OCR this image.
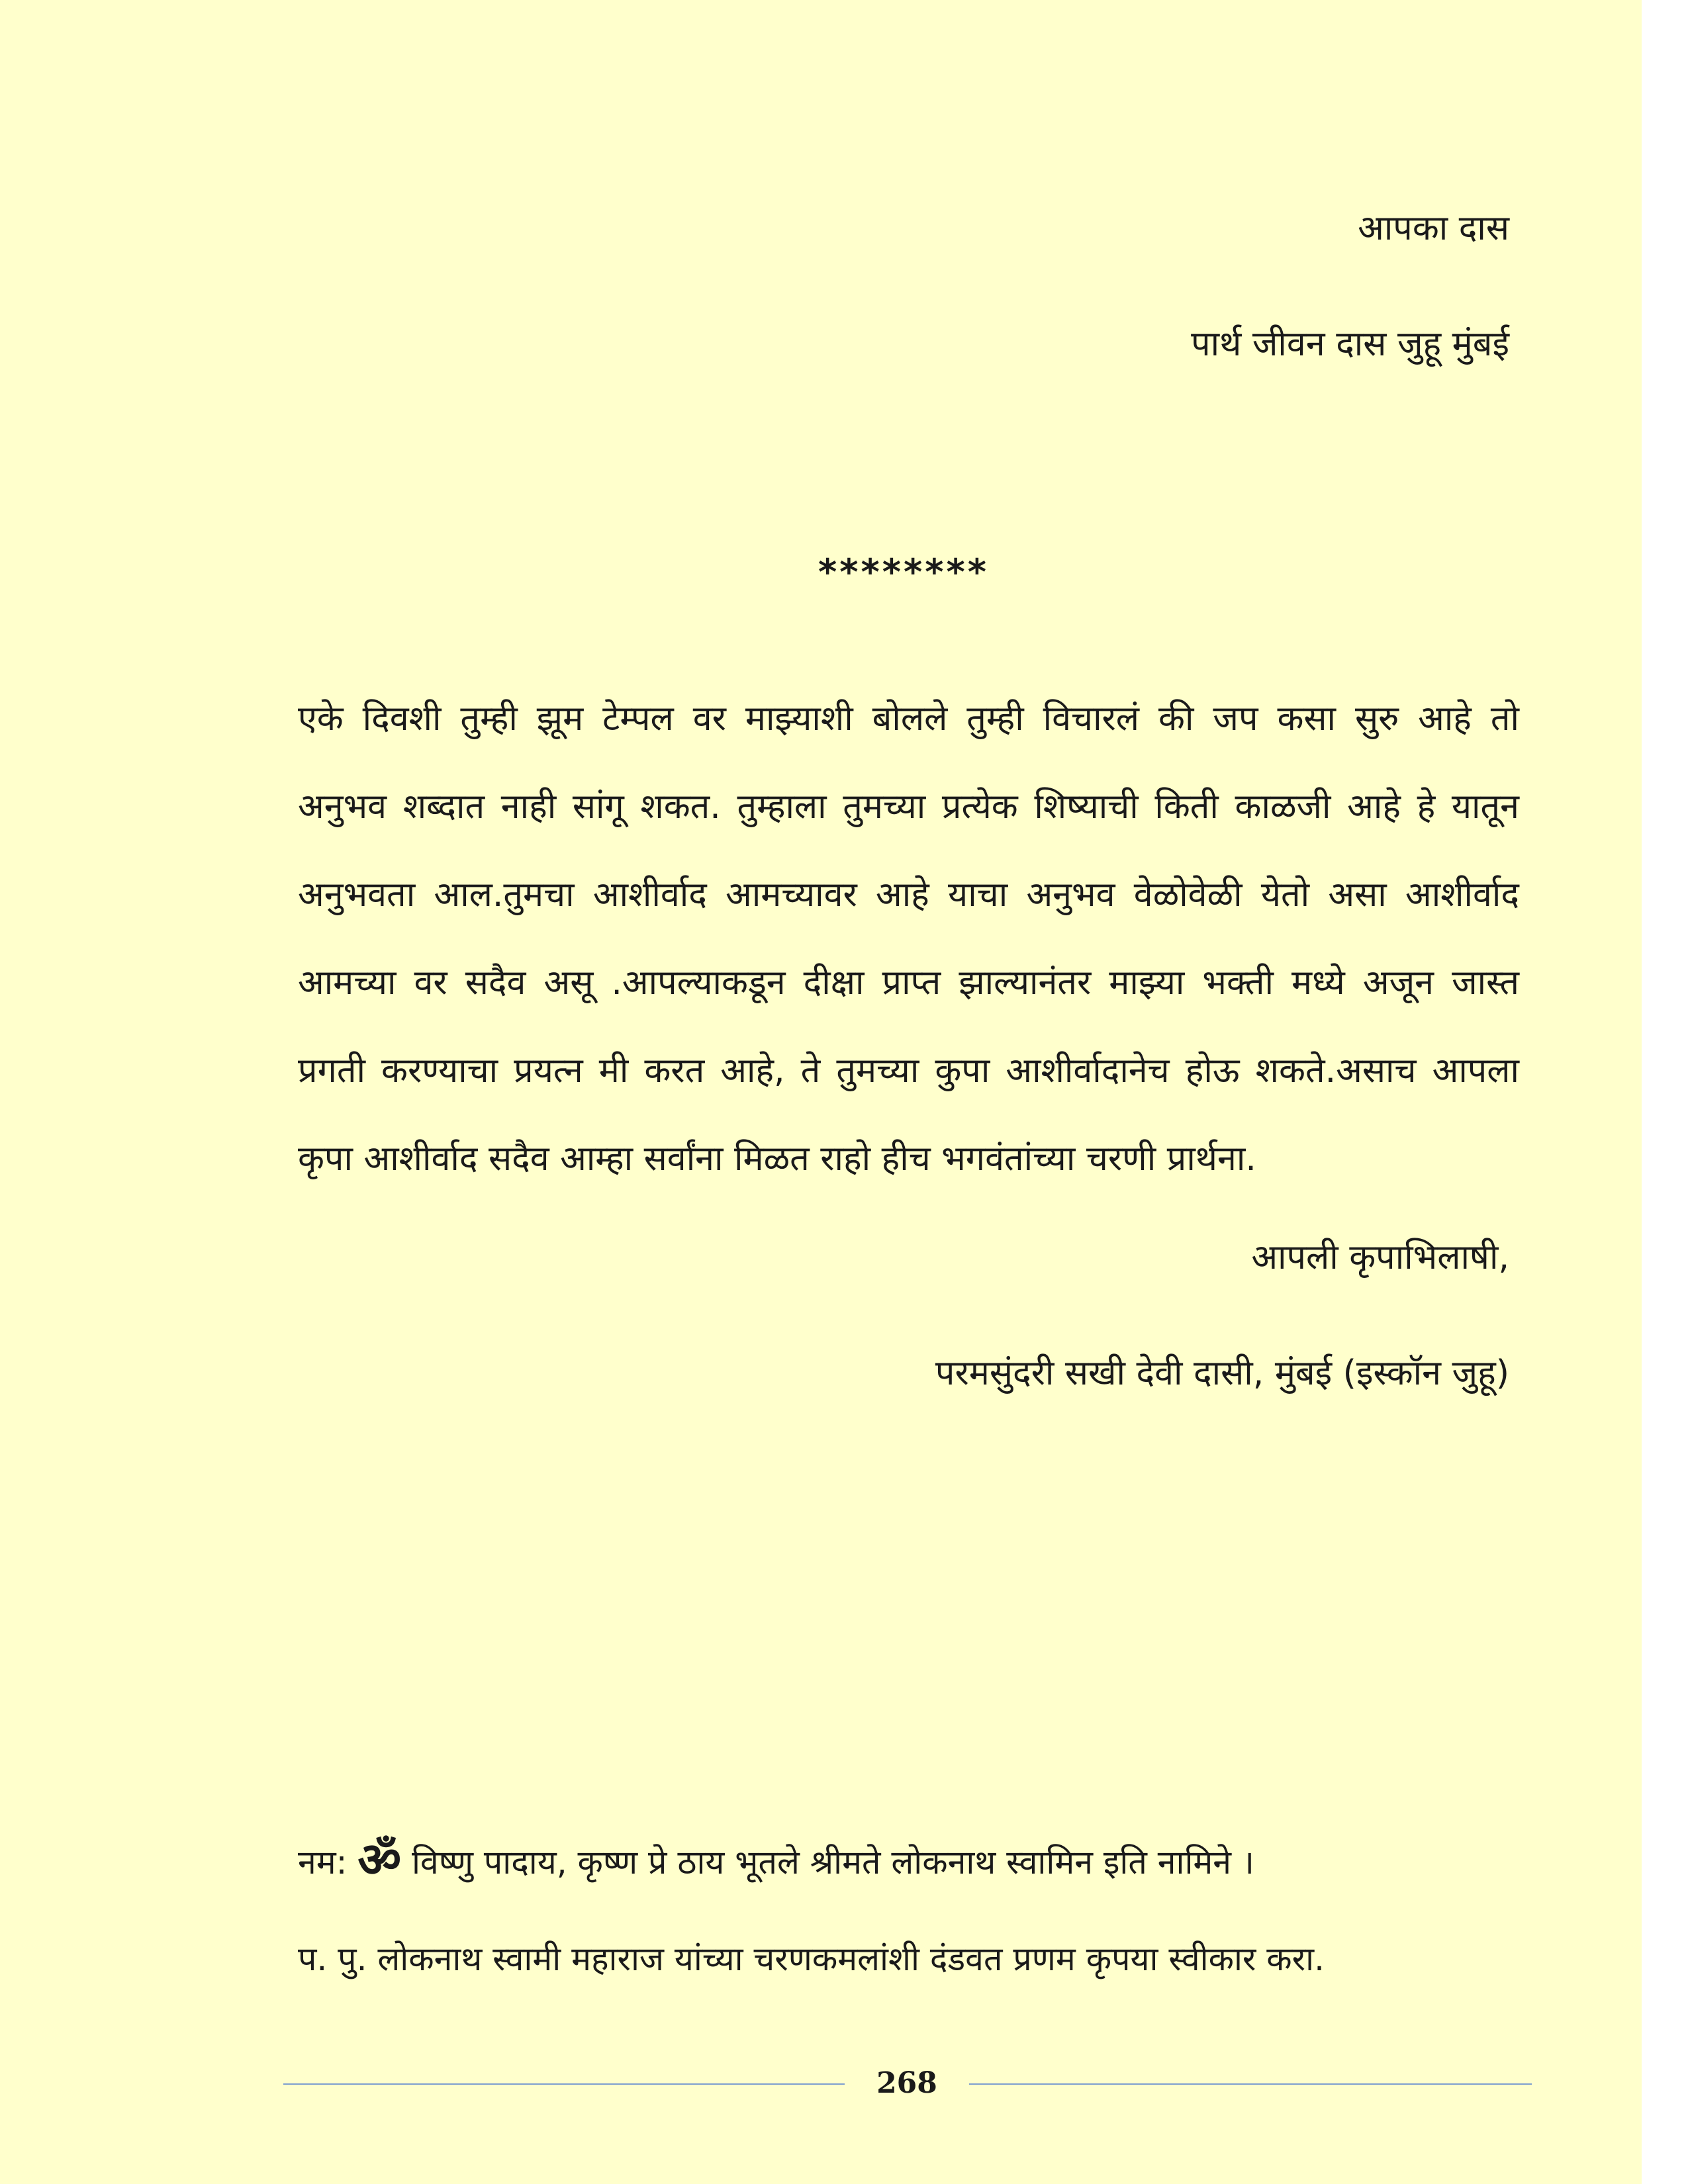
आपका दास
पार्थ जीवन दास जुहू मुंबई
********
एके दिवशी तुम्ही झूम टेम्पल वर माझ्याशी बोलले तुम्ही विचारलं की जप कसा सुरु आहे तो
अनुभव शब्दात नाही सांगू शकत. तुम्हाला तुमच्या प्रत्येक शिष्याची किती काळजी आहे हे यातून
अनुभवता आल.तुमचा आशीर्वाद आमच्यावर आहे याचा अनुभव वेळोवेळी येतो असा आशीर्वाद
आमच्या वर सदैव असू .आपल्याकडून दीक्षा प्राप्त झाल्यानंतर माझ्या भक्ती मध्ये अजून जास्त
प्रगती करण्याचा प्रयत्न मी करत आहे, ते तुमच्या कुपा आशीर्वादानेच होऊ शकते.असाच आपला
कृपा आशीर्वाद सदैव आम्हा सर्वांना मिळत राहो हीच भगवंतांच्या चरणी प्रार्थना.
आपली कृपाभिलाषी,
परमसुंदरी सखी देवी दासी, मुंबई (इस्कॉन जुहू)
नम: ॐ विष्णु पादाय, कृष्ण प्रे ठाय भूतले श्रीमते लोकनाथ स्वामिन इति नामिने ।
प. पु. लोकनाथ स्वामी महाराज यांच्या चरणकमलांशी दंडवत प्रणम कृपया स्वीकार करा.
268
